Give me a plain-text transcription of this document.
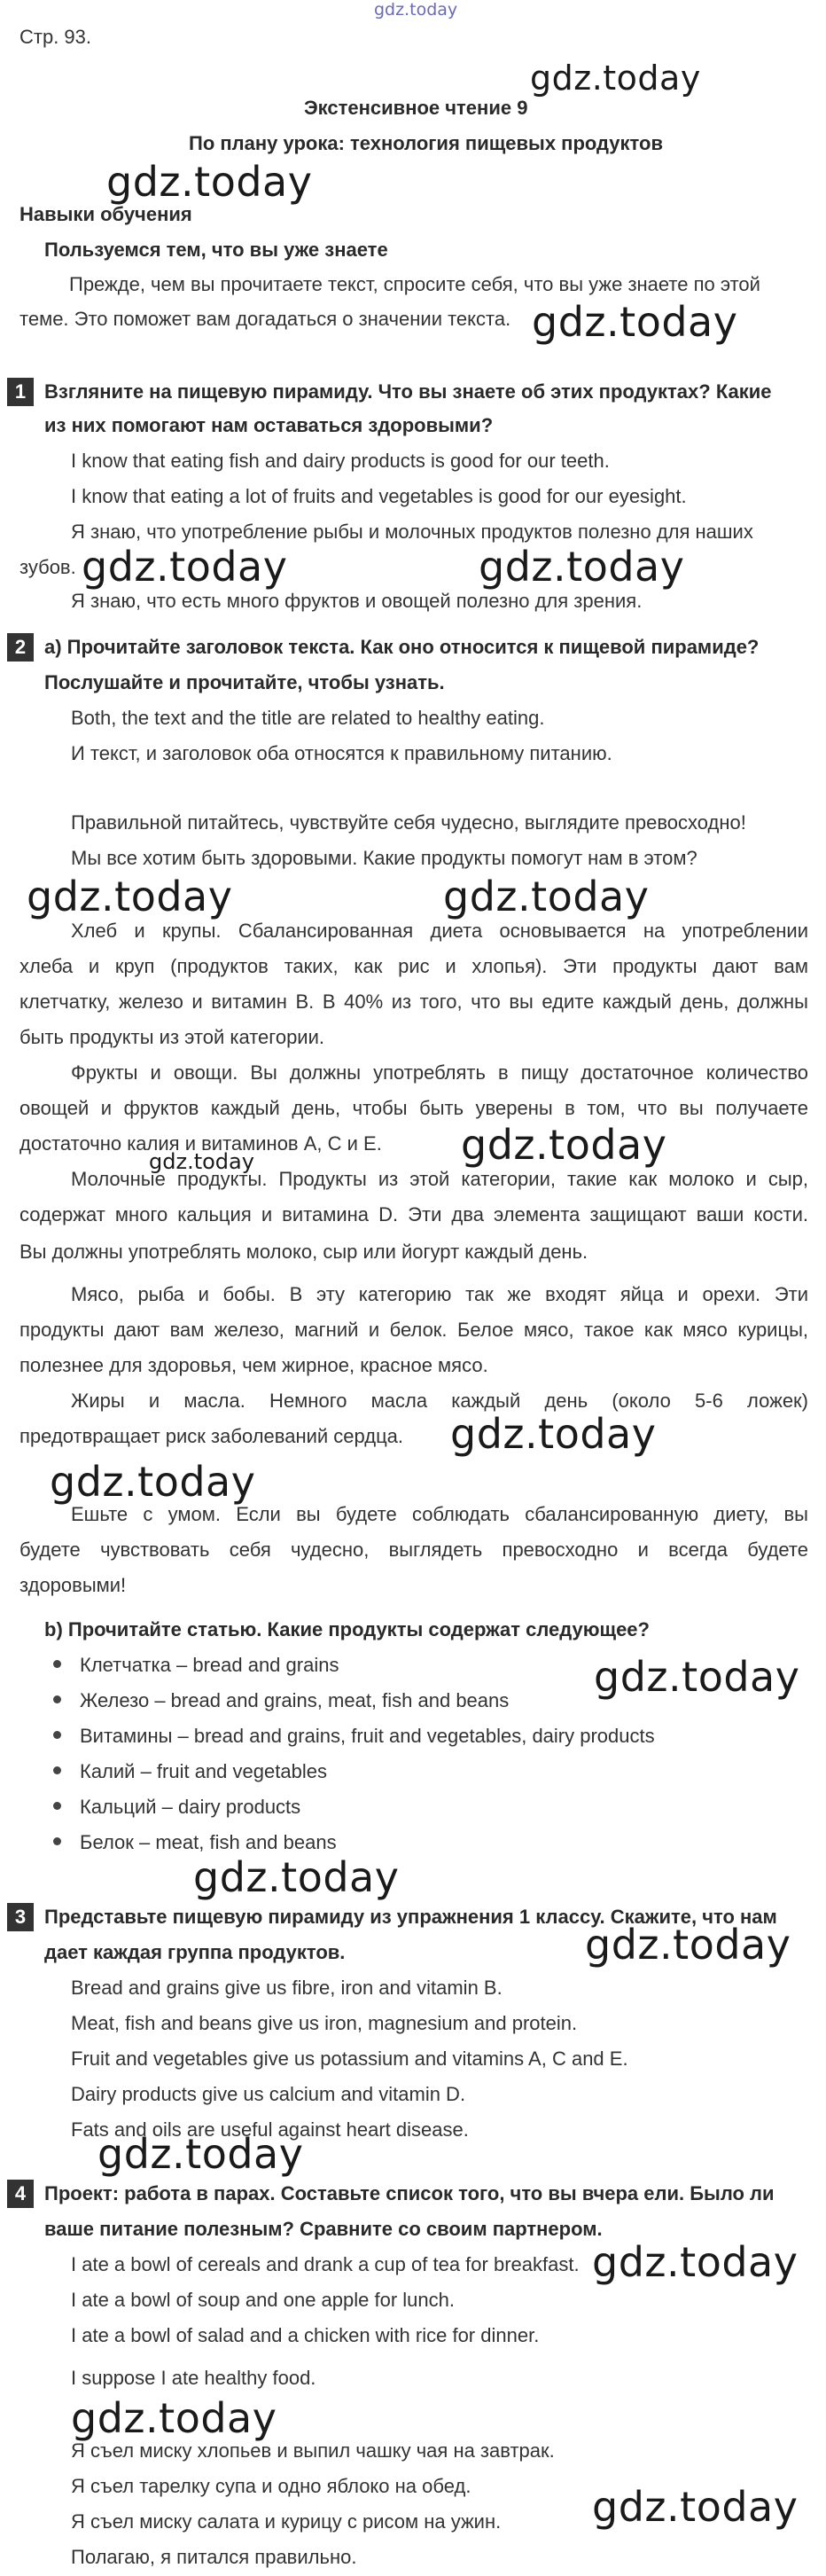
gdz.today
Стр. 93.
gdz.today
Экстенсивное чтение 9
По плану урока: технология пищевых продуктов
gdz.today
Навыки обучения
Пользуемся тем, что вы уже знаете
Прежде, чем вы прочитаете текст, спросите себя, что вы уже знаете по этой
теме. Это поможет вам догадаться о значении текста. gdz.today
1 Взгляните на пищевую пирамиду. Что вы знаете об этих продуктах? Какие
из них помогают нам оставаться здоровыми?
I know that eating fish and dairy products is good for our teeth.
I know that eating a lot of fruits and vegetables is good for our eyesight.
Я знаю, что употребление рыбы и молочных продуктов полезно для наших
зубов. gdz.today	gdz.today
Я знаю, что есть много фруктов и овощей полезно для зрения.
2 a) Прочитайте заголовок текста. Как оно относится к пищевой пирамиде?
Послушайте и прочитайте, чтобы узнать.
Both, the text and the title are related to healthy eating.
И текст, и заголовок оба относятся к правильному питанию.
Правильной питайтесь, чувствуйте себя чудесно, выглядите превосходно!
Мы все хотим быть здоровыми. Какие продукты помогут нам в этом?
gdz.today	gdz.today
Хлеб и крупы. Сбалансированная диета основывается на употреблении
хлеба и круп (продуктов таких, как рис и хлопья). Эти продукты дают вам
клетчатку, железо и витамин В. В 40% из того, что вы едите каждый день, должны
быть продукты из этой категории.
Фрукты и овощи. Вы должны употреблять в пищу достаточное количество
овощей и фруктов каждый день, чтобы быть уверены в том, что вы получаете
достаточно калия и витаминов А, С и Е. gdz.today
gdz.today
Молочные продукты. Продукты из этой категории, такие как молоко и сыр,
содержат много кальция и витамина D. Эти два элемента защищают ваши кости.
Вы должны употреблять молоко, сыр или йогурт каждый день.
Мясо, рыба и бобы. В эту категорию так же входят яйца и орехи. Эти
продукты дают вам железо, магний и белок. Белое мясо, такое как мясо курицы,
полезнее для здоровья, чем жирное, красное мясо.
Жиры и масла. Немного масла каждый день (около 5-6 ложек)
предотвращает риск заболеваний сердца. gdz.today
gdz.today
Ешьте с умом. Если вы будете соблюдать сбалансированную диету, вы
будете чувствовать себя чудесно, выглядеть превосходно и всегда будете
здоровыми!
b) Прочитайте статью. Какие продукты содержат следующее?
Клетчатка – bread and grains
Железо – bread and grains, meat, fish and beans
Витамины – bread and grains, fruit and vegetables, dairy products
Калий – fruit and vegetables
Кальций – dairy products
Белок – meat, fish and beans
gdz.today
gdz.today
3 Представьте пищевую пирамиду из упражнения 1 классу. Скажите, что нам
дает каждая группа продуктов.	gdz.today
Bread and grains give us fibre, iron and vitamin B.
Meat, fish and beans give us iron, magnesium and protein.
Fruit and vegetables give us potassium and vitamins A, C and E.
Dairy products give us calcium and vitamin D.
Fats and oils are useful against heart disease.
gdz.today
4 Проект: работа в парах. Составьте список того, что вы вчера ели. Было ли
ваше питание полезным? Сравните со своим партнером.
I ate a bowl of cereals and drank a cup of tea for breakfast. gdz.today
I ate a bowl of soup and one apple for lunch.
I ate a bowl of salad and a chicken with rice for dinner.
I suppose I ate healthy food.
gdz.today
Я съел миску хлопьев и выпил чашку чая на завтрак.
Я съел тарелку супа и одно яблоко на обед.
Я съел миску салата и курицу с рисом на ужин. gdz.today
Полагаю, я питался правильно.
